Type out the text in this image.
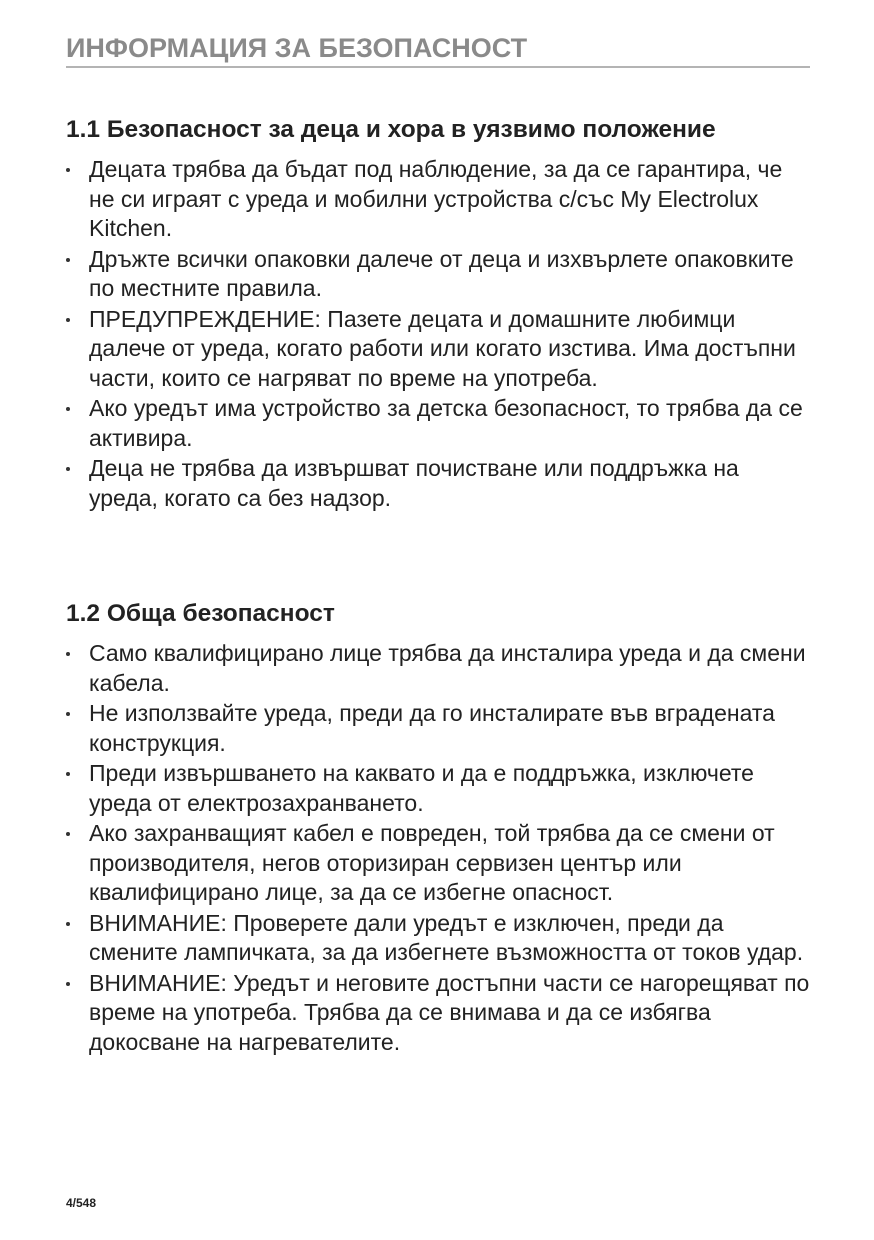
ИНФОРМАЦИЯ ЗА БЕЗОПАСНОСТ
1.1 Безопасност за деца и хора в уязвимо положение
Децата трябва да бъдат под наблюдение, за да се гарантира, че не си играят с уреда и мобилни устройства с/със My Electrolux Kitchen.
Дръжте всички опаковки далече от деца и изхвърлете опаковките по местните правила.
ПРЕДУПРЕЖДЕНИЕ: Пазете децата и домашните любимци далече от уреда, когато работи или когато изстива. Има достъпни части, които се нагряват по време на употреба.
Ако уредът има устройство за детска безопасност, то трябва да се активира.
Деца не трябва да извършват почистване или поддръжка на уреда, когато са без надзор.
1.2 Обща безопасност
Само квалифицирано лице трябва да инсталира уреда и да смени кабела.
Не използвайте уреда, преди да го инсталирате във вградената конструкция.
Преди извършването на каквато и да е поддръжка, изключете уреда от електрозахранването.
Ако захранващият кабел е повреден, той трябва да се смени от производителя, негов оторизиран сервизен център или квалифицирано лице, за да се избегне опасност.
ВНИМАНИЕ: Проверете дали уредът е изключен, преди да смените лампичката, за да избегнете възможността от токов удар.
ВНИМАНИЕ: Уредът и неговите достъпни части се нагорещяват по време на употреба. Трябва да се внимава и да се избягва докосване на нагревателите.
4/548
